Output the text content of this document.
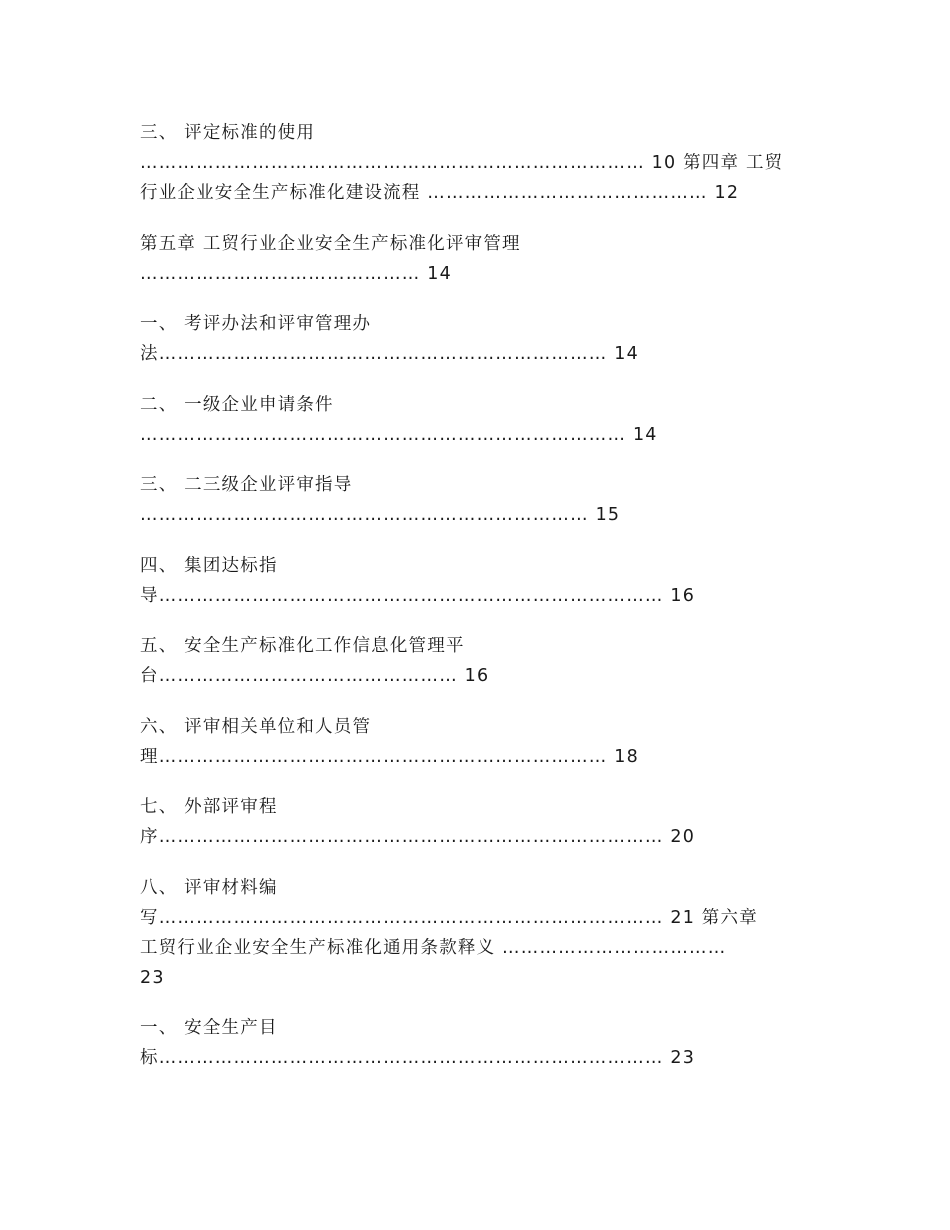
三、 评定标准的使用
……………………………………………………………………… 10 第四章 工贸
行业企业安全生产标准化建设流程 ……………………………………… 12
第五章 工贸行业企业安全生产标准化评审管理
……………………………………… 14
一、 考评办法和评审管理办
法……………………………………………………………… 14
二、 一级企业申请条件
…………………………………………………………………… 14
三、 二三级企业评审指导
……………………………………………………………… 15
四、 集团达标指
导……………………………………………………………………… 16
五、 安全生产标准化工作信息化管理平
台………………………………………… 16
六、 评审相关单位和人员管
理……………………………………………………………… 18
七、 外部评审程
序……………………………………………………………………… 20
八、 评审材料编
写……………………………………………………………………… 21 第六章
工贸行业企业安全生产标准化通用条款释义 ………………………………
23
一、 安全生产目
标……………………………………………………………………… 23
